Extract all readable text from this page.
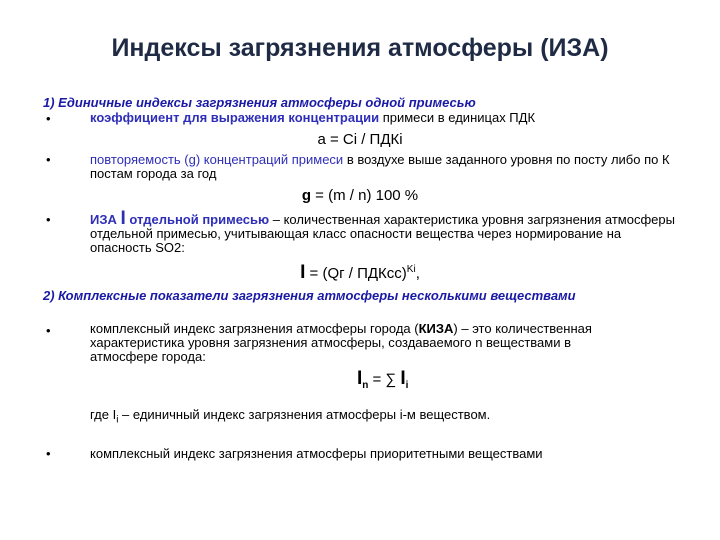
Индексы загрязнения атмосферы (ИЗА)
1) Единичные индексы загрязнения атмосферы одной примесью
•	коэффициент для выражения концентрации примеси в единицах ПДК
a = Ci / ПДКi
•	повторяемость (g) концентраций примеси в воздухе выше заданного уровня по посту либо по К постам города за год
g = (m / n) 100 %
•	ИЗА I отдельной примесью – количественная характеристика уровня загрязнения атмосферы отдельной примесью, учитывающая класс опасности вещества через нормирование на опасность SO2:
I = (Qг / ПДКсс)$^{Ki}$,
2) Комплексные показатели загрязнения атмосферы несколькими веществами
•	комплексный индекс загрязнения атмосферы города (КИЗА) – это количественная характеристика уровня загрязнения атмосферы, создаваемого n веществами в атмосфере города:
$I_n$ = ∑ $I_i$
где $I_i$ – единичный индекс загрязнения атмосферы i-м веществом.
•	комплексный индекс загрязнения атмосферы приоритетными веществами
